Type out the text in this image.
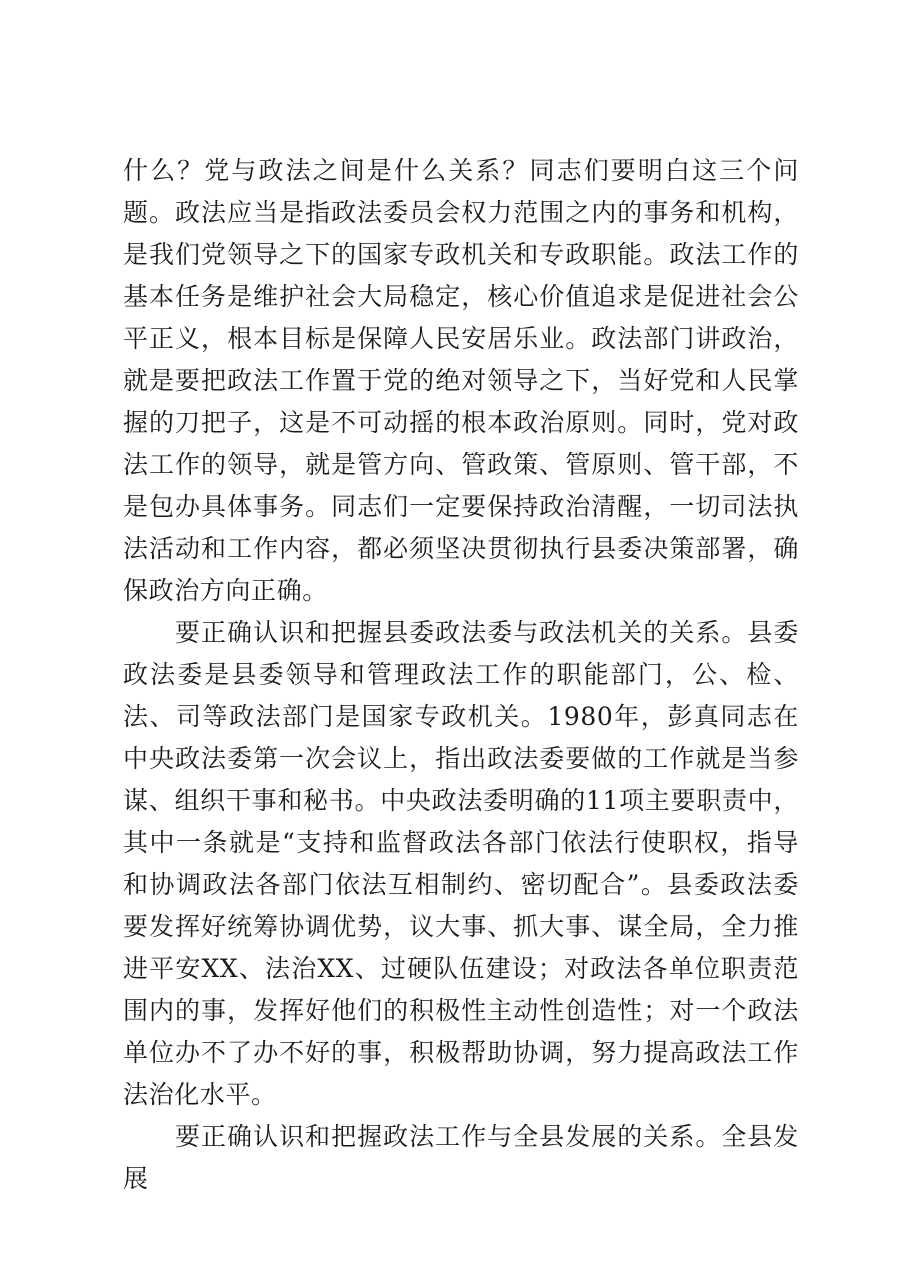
什么？党与政法之间是什么关系？同志们要明白这三个问题。政法应当是指政法委员会权力范围之内的事务和机构，是我们党领导之下的国家专政机关和专政职能。政法工作的基本任务是维护社会大局稳定，核心价值追求是促进社会公平正义，根本目标是保障人民安居乐业。政法部门讲政治，就是要把政法工作置于党的绝对领导之下，当好党和人民掌握的刀把子，这是不可动摇的根本政治原则。同时，党对政法工作的领导，就是管方向、管政策、管原则、管干部，不是包办具体事务。同志们一定要保持政治清醒，一切司法执法活动和工作内容，都必须坚决贯彻执行县委决策部署，确保政治方向正确。

要正确认识和把握县委政法委与政法机关的关系。县委政法委是县委领导和管理政法工作的职能部门，公、检、法、司等政法部门是国家专政机关。1980年，彭真同志在中央政法委第一次会议上，指出政法委要做的工作就是当参谋、组织干事和秘书。中央政法委明确的11项主要职责中，其中一条就是“支持和监督政法各部门依法行使职权，指导和协调政法各部门依法互相制约、密切配合”。县委政法委要发挥好统筹协调优势，议大事、抓大事、谋全局，全力推进平安XX、法治XX、过硬队伍建设；对政法各单位职责范围内的事，发挥好他们的积极性主动性创造性；对一个政法单位办不了办不好的事，积极帮助协调，努力提高政法工作法治化水平。

要正确认识和把握政法工作与全县发展的关系。全县发展
